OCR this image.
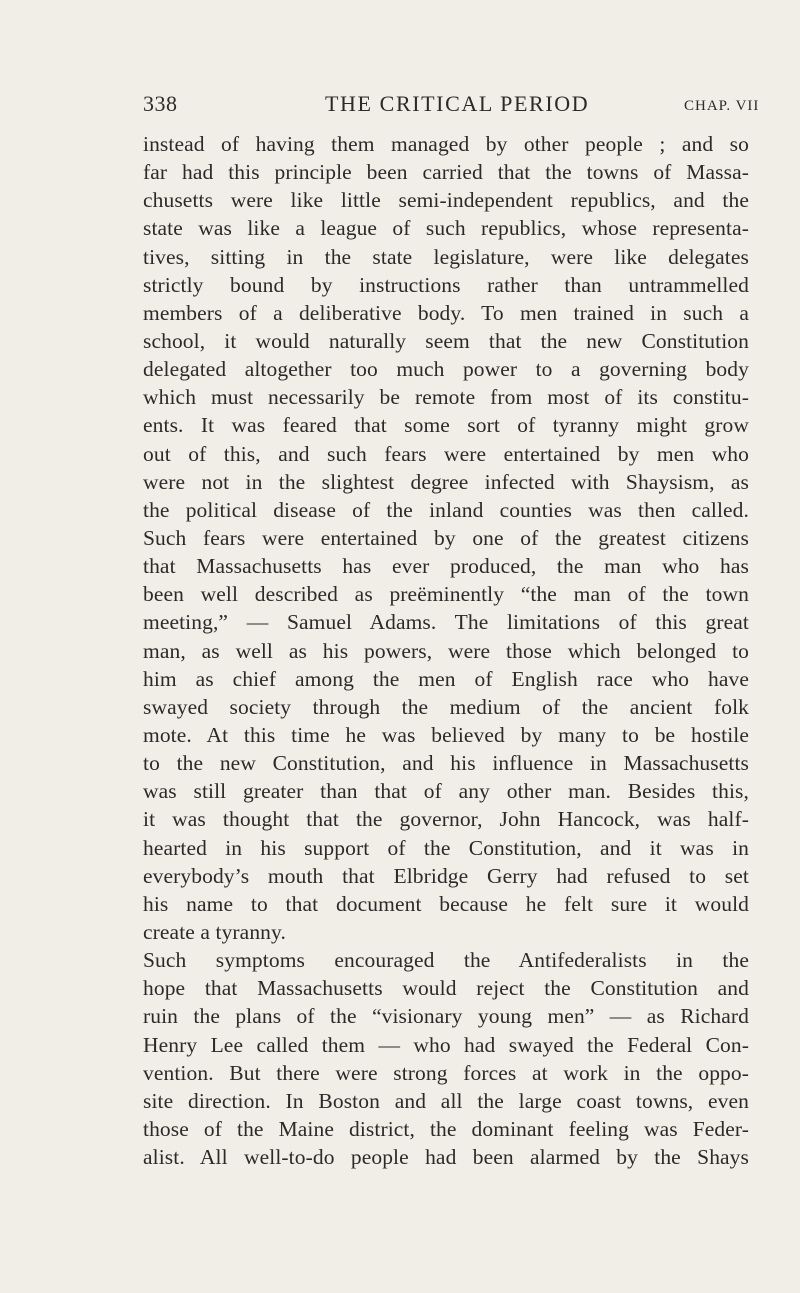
338	THE CRITICAL PERIOD	CHAP. VII
instead of having them managed by other people ; and so
far had this principle been carried that the towns of Massa-
chusetts were like little semi-independent republics, and the
state was like a league of such republics, whose representa-
tives, sitting in the state legislature, were like delegates
strictly bound by instructions rather than untrammelled
members of a deliberative body. To men trained in such a
school, it would naturally seem that the new Constitution
delegated altogether too much power to a governing body
which must necessarily be remote from most of its constitu-
ents. It was feared that some sort of tyranny might grow
out of this, and such fears were entertained by men who
were not in the slightest degree infected with Shaysism, as
the political disease of the inland counties was then called.
Such fears were entertained by one of the greatest citizens
that Massachusetts has ever produced, the man who has
been well described as preëminently “the man of the town
meeting,” — Samuel Adams. The limitations of this great
man, as well as his powers, were those which belonged to
him as chief among the men of English race who have
swayed society through the medium of the ancient folk
mote. At this time he was believed by many to be hostile
to the new Constitution, and his influence in Massachusetts
was still greater than that of any other man. Besides this,
it was thought that the governor, John Hancock, was half-
hearted in his support of the Constitution, and it was in
everybody’s mouth that Elbridge Gerry had refused to set
his name to that document because he felt sure it would
create a tyranny.
Such symptoms encouraged the Antifederalists in the
hope that Massachusetts would reject the Constitution and
ruin the plans of the “visionary young men” — as Richard
Henry Lee called them — who had swayed the Federal Con-
vention. But there were strong forces at work in the oppo-
site direction. In Boston and all the large coast towns, even
those of the Maine district, the dominant feeling was Feder-
alist. All well-to-do people had been alarmed by the Shays
